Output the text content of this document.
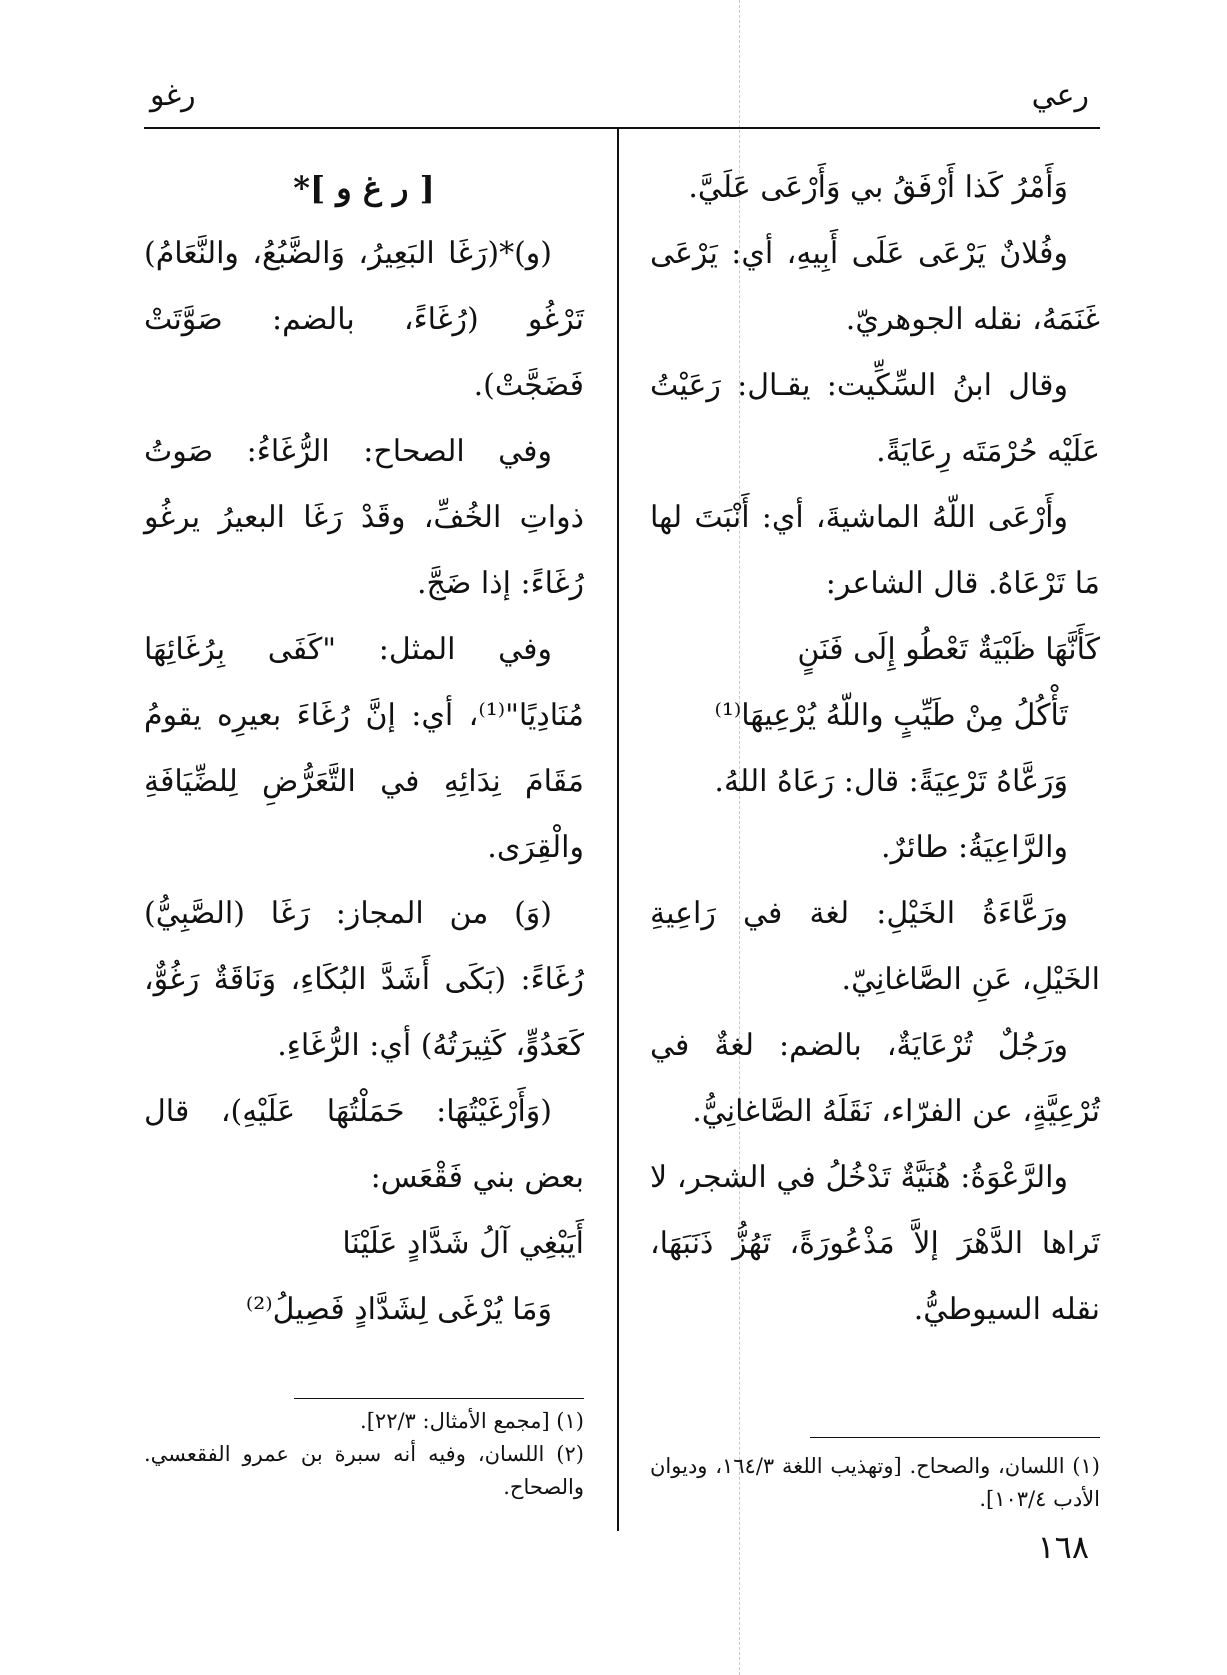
رغو	رعي

وَأَمْرُ كَذا أَرْفَقُ بي وَأَرْعَى عَلَيَّ.

وفُلانٌ يَرْعَى عَلَى أَبِيهِ، أي: يَرْعَى غَنَمَهُ، نقله الجوهريّ.

وقال ابنُ السِّكِّيت: يقـال: رَعَيْتُ عَلَيْه حُرْمَتَه رِعَايَةً.

وأَرْعَى اللّهُ الماشيةَ، أي: أَنْبَتَ لها مَا تَرْعَاهُ. قال الشاعر:

كَأَنَّهَا ظَبْيَةٌ تَعْطُو إِلَى فَنَنٍ

تَأْكُلُ مِنْ طَيِّبٍ واللّهُ يُرْعِيهَا⁽¹⁾

وَرَعَّاهُ تَرْعِيَةً: قال: رَعَاهُ اللهُ.

والرَّاعِيَةُ: طائرٌ.

ورَعَّاءَةُ الخَيْلِ: لغة في رَاعِيةِ الخَيْلِ، عَنِ الصَّاغانِيّ.

ورَجُلٌ تُرْعَايَةٌ، بالضم: لغةٌ في تُرْعِيَّةٍ، عن الفرّاء، نَقَلَهُ الصَّاغانِيُّ.

والرَّعْوَةُ: هُنَيَّةٌ تَدْخُلُ في الشجر، لا تَراها الدَّهْرَ إلاَّ مَذْعُورَةً، تَهُزُّ ذَنَبَهَا، نقله السيوطيُّ.

[ ر غ و ]*

(و)*(رَغَا البَعِيرُ، وَالضَّبُعُ، والنَّعَامُ) تَرْغُو (رُغَاءً، بالضم: صَوَّتَتْ فَضَجَّتْ).

وفي الصحاح: الرُّغَاءُ: صَوتُ ذواتِ الخُفِّ، وقَدْ رَغَا البعيرُ يرغُو رُغَاءً: إذا ضَجَّ.

وفي المثل: "كَفَى بِرُغَائِهَا مُنَادِيًا"⁽¹⁾، أي: إنَّ رُغَاءَ بعيرِه يقومُ مَقَامَ نِدَائِهِ في التَّعَرُّضِ لِلضِّيَافَةِ والْقِرَى.

(وَ) من المجاز: رَغَا (الصَّبِيُّ) رُغَاءً: (بَكَى أَشَدَّ البُكَاءِ، وَنَاقَةٌ رَغُوٌّ، كَعَدُوٍّ، كَثِيرَتُهُ) أي: الرُّغَاءِ.

(وَأَرْغَيْتُهَا: حَمَلْتُهَا عَلَيْهِ)، قال بعض بني فَقْعَس:

أَيَبْغِي آلُ شَدَّادٍ عَلَيْنَا

وَمَا يُرْغَى لِشَدَّادٍ فَصِيلُ⁽²⁾

(١) [مجمع الأمثال: ٢٢/٣].

(٢) اللسان، وفيه أنه سبرة بن عمرو الفقعسي. والصحاح.

(١) اللسان، والصحاح. [وتهذيب اللغة ١٦٤/٣، وديوان الأدب ١٠٣/٤].

١٦٨
